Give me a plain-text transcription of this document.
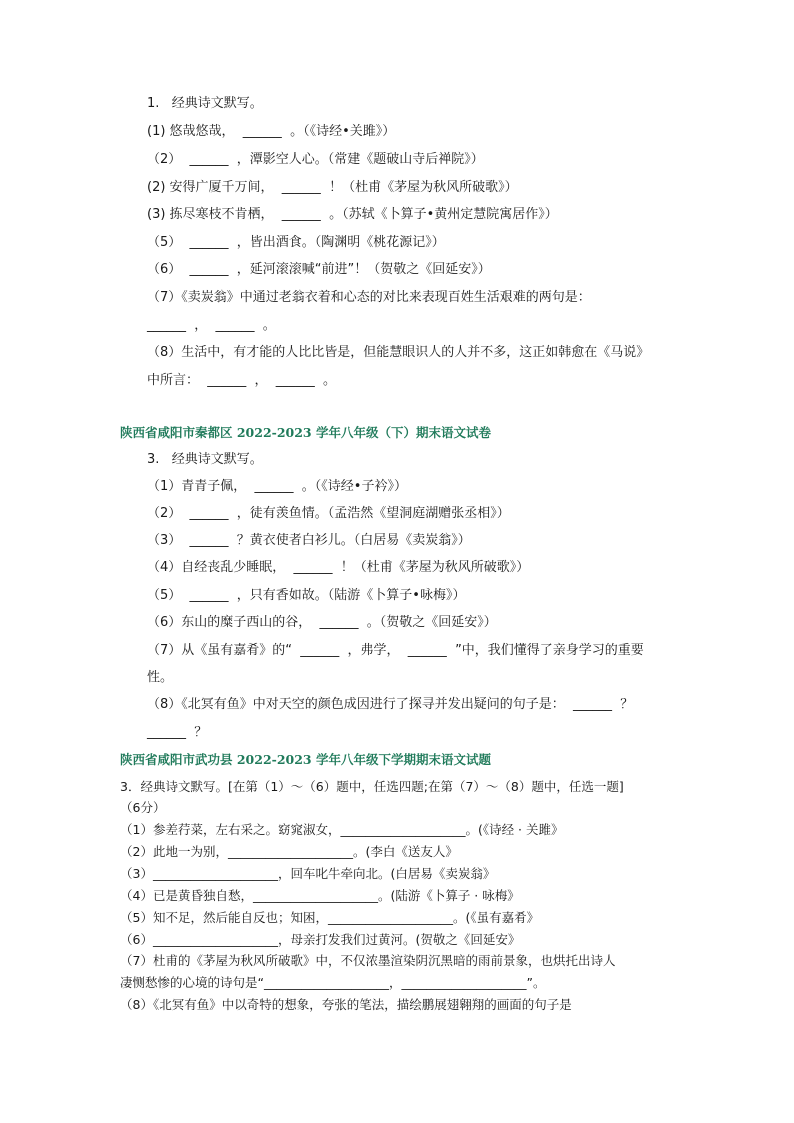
1.   经典诗文默写。
(1) 悠哉悠哉，  ______  。（《诗经•关雎》）
（2）  ______  ，潭影空人心。（常建《题破山寺后禅院》）
(2) 安得广厦千万间，  ______  ！（杜甫《茅屋为秋风所破歌》）
(3) 拣尽寒枝不肯栖，  ______  。（苏轼《卜算子•黄州定慧院寓居作》）
（5）  ______  ，皆出酒食。（陶渊明《桃花源记》）
（6）  ______  ，延河滚滚喊“前进”！（贺敬之《回延安》）
（7）《卖炭翁》中通过老翁衣着和心态的对比来表现百姓生活艰难的两句是：
______  ，  ______  。
（8）生活中，有才能的人比比皆是，但能慧眼识人的人并不多，这正如韩愈在《马说》
中所言：  ______  ，  ______  。
陕西省咸阳市秦都区 2022-2023 学年八年级（下）期末语文试卷
3.   经典诗文默写。
（1）青青子佩，  ______  。（《诗经•子衿》）
（2）  ______  ，徒有羡鱼情。（孟浩然《望洞庭湖赠张丞相》）
（3）  ______  ？黄衣使者白衫儿。（白居易《卖炭翁》）
（4）自经丧乱少睡眠，  ______  ！（杜甫《茅屋为秋风所破歌》）
（5）  ______  ，只有香如故。（陆游《卜算子•咏梅》）
（6）东山的糜子西山的谷，  ______  。（贺敬之《回延安》）
（7）从《虽有嘉肴》的“  ______  ，弗学，  ______  ”中，我们懂得了亲身学习的重要
性。
（8）《北冥有鱼》中对天空的颜色成因进行了探寻并发出疑问的句子是：  ______  ？
______  ？
陕西省咸阳市武功县 2022-2023 学年八年级下学期期末语文试题
3．经典诗文默写。[在第（1）～（6）题中，任选四题;在第（7）～（8）题中，任选一题]
（6分）
（1）参差荇菜，左右采之。窈窕淑女，____________________。(《诗经 · 关雎》
（2）此地一为别，____________________。(李白《送友人》
（3）____________________，回车叱牛牵向北。(白居易《卖炭翁》
（4）已是黄昏独自愁，____________________。(陆游《卜算子 · 咏梅》
（5）知不足，然后能自反也；知困，____________________。(《虽有嘉肴》
（6）____________________，母亲打发我们过黄河。(贺敬之《回延安》
（7）杜甫的《茅屋为秋风所破歌》中，不仅浓墨渲染阴沉黑暗的雨前景象，也烘托出诗人
凄恻愁惨的心境的诗句是“____________________，____________________”。
（8）《北冥有鱼》中以奇特的想象，夸张的笔法，描绘鹏展翅翱翔的画面的句子是
